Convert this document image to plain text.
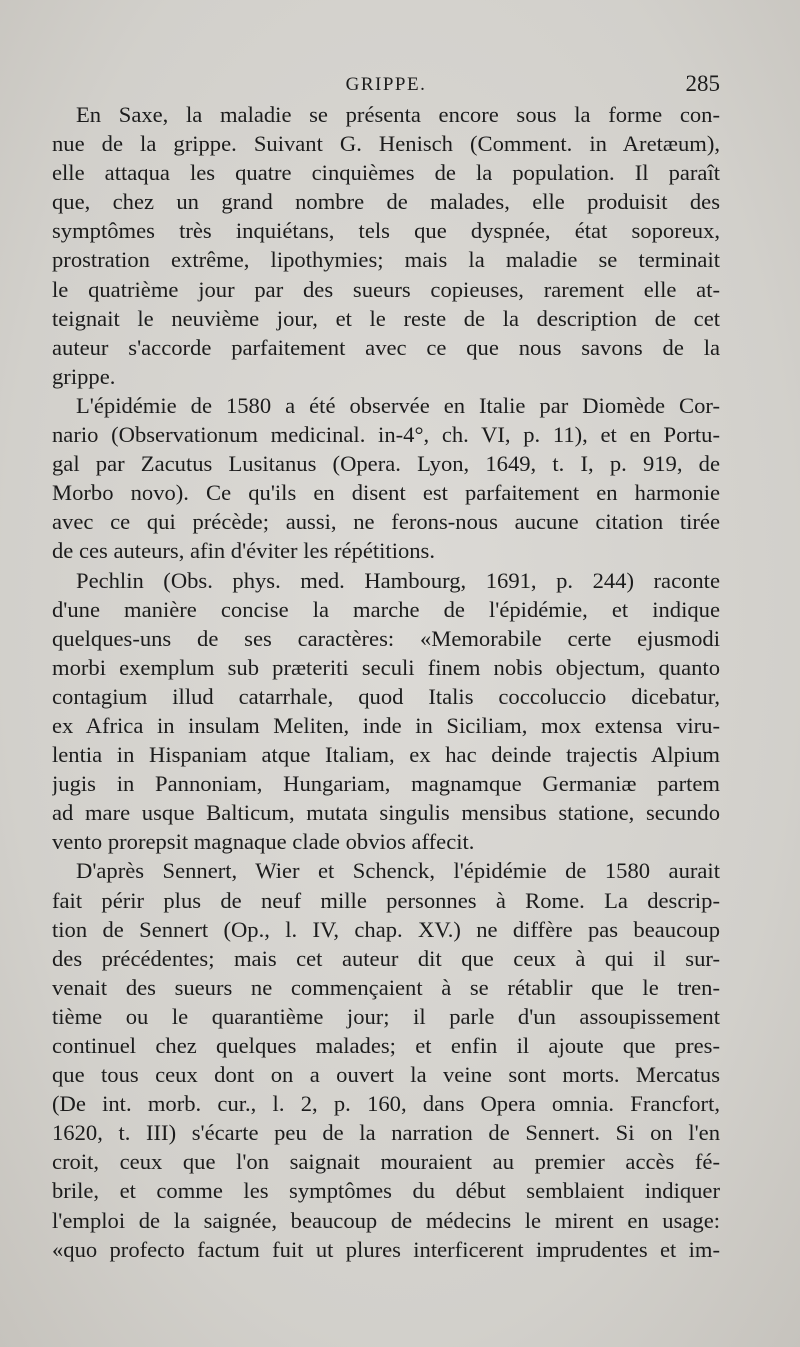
GRIPPE.	285
En Saxe, la maladie se présenta encore sous la forme con-
nue de la grippe. Suivant G. Henisch (Comment. in Aretæum),
elle attaqua les quatre cinquièmes de la population. Il paraît
que, chez un grand nombre de malades, elle produisit des
symptômes très inquiétans, tels que dyspnée, état soporeux,
prostration extrême, lipothymies; mais la maladie se terminait
le quatrième jour par des sueurs copieuses, rarement elle at-
teignait le neuvième jour, et le reste de la description de cet
auteur s'accorde parfaitement avec ce que nous savons de la
grippe.
L'épidémie de 1580 a été observée en Italie par Diomède Cor-
nario (Observationum medicinal. in-4°, ch. VI, p. 11), et en Portu-
gal par Zacutus Lusitanus (Opera. Lyon, 1649, t. I, p. 919, de
Morbo novo). Ce qu'ils en disent est parfaitement en harmonie
avec ce qui précède; aussi, ne ferons-nous aucune citation tirée
de ces auteurs, afin d'éviter les répétitions.
Pechlin (Obs. phys. med. Hambourg, 1691, p. 244) raconte
d'une manière concise la marche de l'épidémie, et indique
quelques-uns de ses caractères: «Memorabile certe ejusmodi
morbi exemplum sub præteriti seculi finem nobis objectum, quanto
contagium illud catarrhale, quod Italis coccoluccio dicebatur,
ex Africa in insulam Meliten, inde in Siciliam, mox extensa viru-
lentia in Hispaniam atque Italiam, ex hac deinde trajectis Alpium
jugis in Pannoniam, Hungariam, magnamque Germaniæ partem
ad mare usque Balticum, mutata singulis mensibus statione, secundo
vento prorepsit magnaque clade obvios affecit.
D'après Sennert, Wier et Schenck, l'épidémie de 1580 aurait
fait périr plus de neuf mille personnes à Rome. La descrip-
tion de Sennert (Op., l. IV, chap. XV.) ne diffère pas beaucoup
des précédentes; mais cet auteur dit que ceux à qui il sur-
venait des sueurs ne commençaient à se rétablir que le tren-
tième ou le quarantième jour; il parle d'un assoupissement
continuel chez quelques malades; et enfin il ajoute que pres-
que tous ceux dont on a ouvert la veine sont morts. Mercatus
(De int. morb. cur., l. 2, p. 160, dans Opera omnia. Francfort,
1620, t. III) s'écarte peu de la narration de Sennert. Si on l'en
croit, ceux que l'on saignait mouraient au premier accès fé-
brile, et comme les symptômes du début semblaient indiquer
l'emploi de la saignée, beaucoup de médecins le mirent en usage:
«quo profecto factum fuit ut plures interficerent imprudentes et im-
